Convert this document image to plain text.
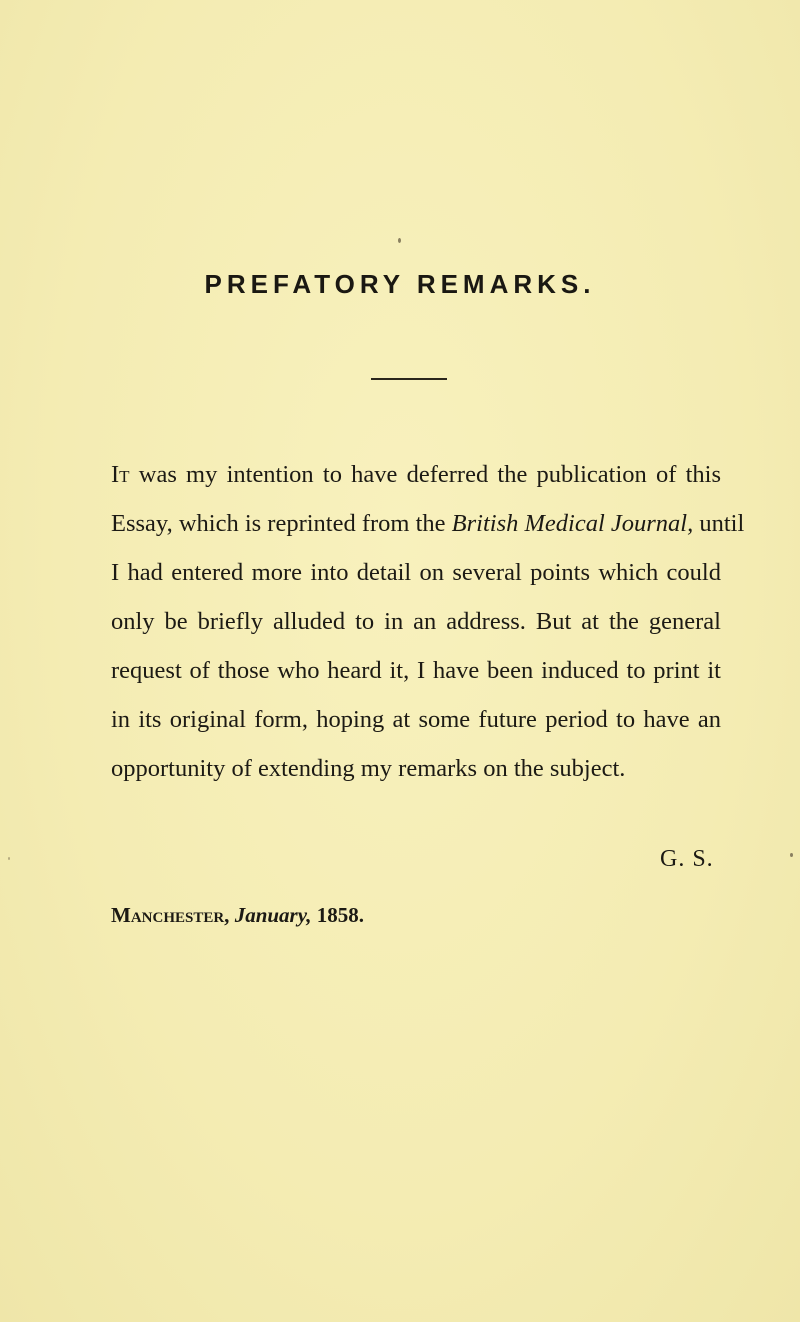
PREFATORY REMARKS.
It was my intention to have deferred the publication of this
Essay, which is reprinted from the British Medical Journal, until
I had entered more into detail on several points which could
only be briefly alluded to in an address. But at the general
request of those who heard it, I have been induced to print it
in its original form, hoping at some future period to have an
opportunity of extending my remarks on the subject.
G. S.
Manchester, January, 1858.
